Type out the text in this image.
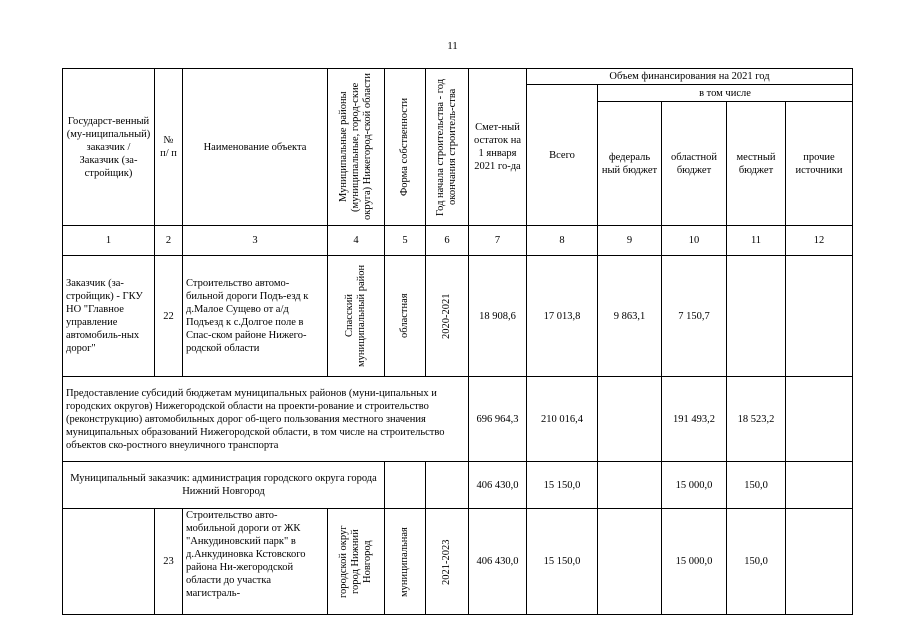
11
Государст-венный (му-ниципальный) заказчик / Заказчик (за-стройщик)	№ п/ п	Наименование объекта	Муниципальные районы (муниципальные, город-ские округа) Нижегород-ской области	Форма собственности	Год начала строительства - год окончания строитель-ства	Смет-ный остаток на 1 января 2021 го-да	Объем финансирования на 2021 год				
							Всего	в том числе			
								федераль ный бюджет	областной бюджет	местный бюджет	прочие источники
1	2	3	4	5	6	7	8	9	10	11	12
Заказчик (за-стройщик) - ГКУ НО "Главное управление автомобиль-ных дорог"	22	Строительство автомо-бильной дороги Подъ-езд к д.Малое Сущево от а/д Подъезд к с.Долгое поле в Спас-ском районе Нижего-родской области	Спасский муниципальный район	областная	2020-2021	18 908,6	17 013,8	9 863,1	7 150,7		
Предоставление субсидий бюджетам муниципальных районов (муни-ципальных и городских округов) Нижегородской области на проекти-рование и строительство (реконструкцию) автомобильных дорог об-щего пользования местного значения муниципальных образований Нижегородской области, в том числе на строительство объектов ско-ростного внеуличного транспорта						696 964,3	210 016,4		191 493,2	18 523,2	
Муниципальный заказчик: администрация городского округа города Нижний Новгород						406 430,0	15 150,0		15 000,0	150,0	
	23	Строительство авто-мобильной дороги от ЖК "Анкудиновский парк" в д.Анкудиновка Кстовского района Ни-жегородской области до участка магистраль-	городской округ город Нижний Новгород	муниципальная	2021-2023	406 430,0	15 150,0		15 000,0	150,0	
